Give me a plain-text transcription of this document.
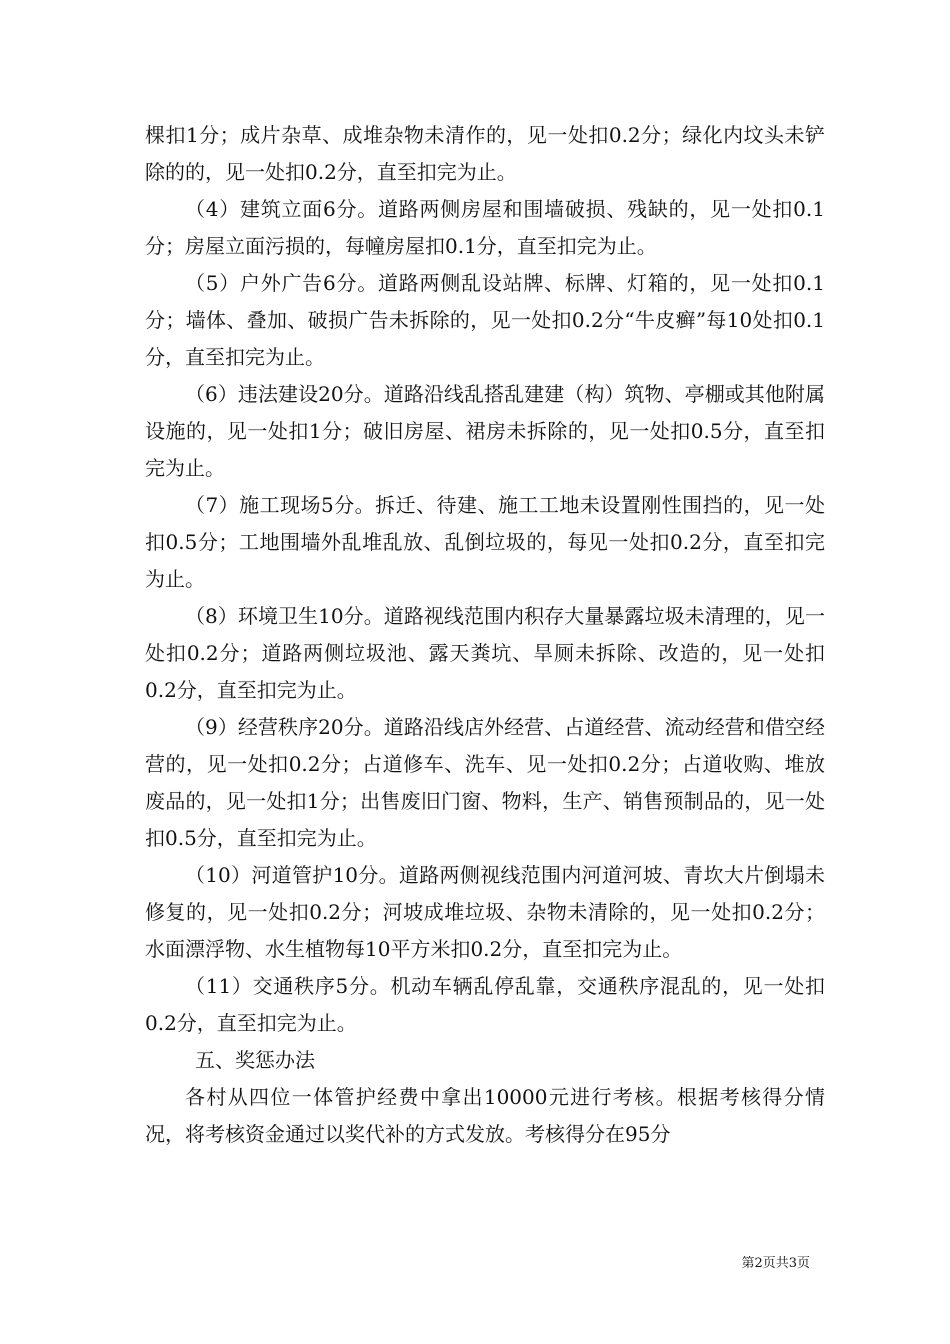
棵扣1分；成片杂草、成堆杂物未清作的，见一处扣0.2分；绿化内坟头未铲除的的，见一处扣0.2分，直至扣完为止。

（4）建筑立面6分。道路两侧房屋和围墙破损、残缺的，见一处扣0.1分；房屋立面污损的，每幢房屋扣0.1分，直至扣完为止。

（5）户外广告6分。道路两侧乱设站牌、标牌、灯箱的，见一处扣0.1分；墙体、叠加、破损广告未拆除的，见一处扣0.2分“牛皮癣”每10处扣0.1分，直至扣完为止。

（6）违法建设20分。道路沿线乱搭乱建建（构）筑物、亭棚或其他附属设施的，见一处扣1分；破旧房屋、裙房未拆除的，见一处扣0.5分，直至扣完为止。

（7）施工现场5分。拆迁、待建、施工工地未设置刚性围挡的，见一处扣0.5分；工地围墙外乱堆乱放、乱倒垃圾的，每见一处扣0.2分，直至扣完为止。

（8）环境卫生10分。道路视线范围内积存大量暴露垃圾未清理的，见一处扣0.2分；道路两侧垃圾池、露天粪坑、旱厕未拆除、改造的，见一处扣0.2分，直至扣完为止。

（9）经营秩序20分。道路沿线店外经营、占道经营、流动经营和借空经营的，见一处扣0.2分；占道修车、洗车、见一处扣0.2分；占道收购、堆放废品的，见一处扣1分；出售废旧门窗、物料，生产、销售预制品的，见一处扣0.5分，直至扣完为止。

（10）河道管护10分。道路两侧视线范围内河道河坡、青坎大片倒塌未修复的，见一处扣0.2分；河坡成堆垃圾、杂物未清除的，见一处扣0.2分；水面漂浮物、水生植物每10平方米扣0.2分，直至扣完为止。

（11）交通秩序5分。机动车辆乱停乱靠，交通秩序混乱的，见一处扣0.2分，直至扣完为止。

五、奖惩办法

各村从四位一体管护经费中拿出10000元进行考核。根据考核得分情况，将考核资金通过以奖代补的方式发放。考核得分在95分

第2页共3页
